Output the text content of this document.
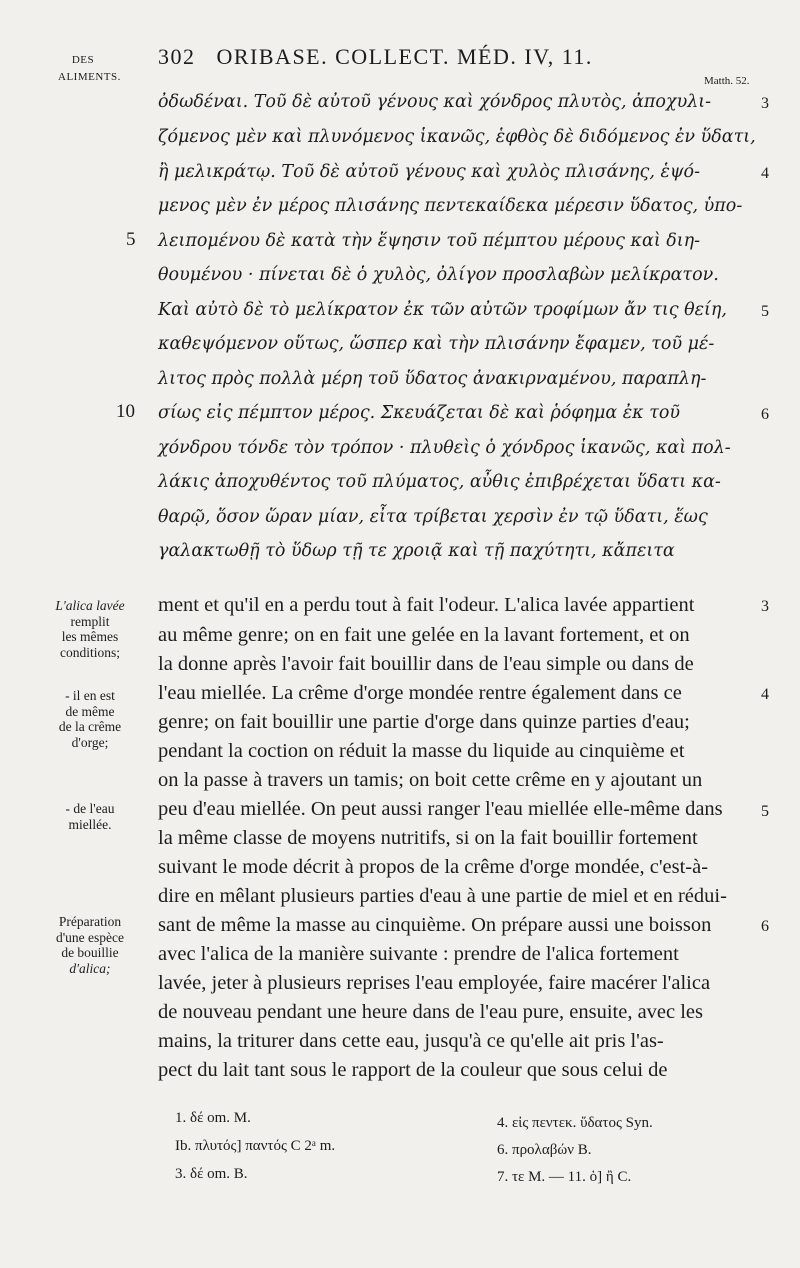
DES
ALIMENTS.
302   ORIBASE. COLLECT. MÉD. IV, 11.
Matth. 52.
ὀδωδέναι. Τοῦ δὲ αὐτοῦ γένους καὶ χόνδρος πλυτὸς, ἀποχυλι-
ζόμενος μὲν καὶ πλυνόμενος ἱκανῶς, ἑφθὸς δὲ διδόμενος ἐν ὕδατι,
ἢ μελικράτῳ. Τοῦ δὲ αὐτοῦ γένους καὶ χυλὸς πλισάνης, ἑψό-
μενος μὲν ἐν μέρος πλισάνης πεντεκαίδεκα μέρεσιν ὕδατος, ὑπο-
λειπομένου δὲ κατὰ τὴν ἕψησιν τοῦ πέμπτου μέρους καὶ διη-
θουμένου · πίνεται δὲ ὁ χυλὸς, ὀλίγον προσλαβὼν μελίκρατον.
Καὶ αὐτὸ δὲ τὸ μελίκρατον ἐκ τῶν αὐτῶν τροφίμων ἄν τις θείη,
καθεψόμενον οὕτως, ὥσπερ καὶ τὴν πλισάνην ἔφαμεν, τοῦ μέ-
λιτος πρὸς πολλὰ μέρη τοῦ ὕδατος ἀνακιρναμένου, παραπλη-
σίως εἰς πέμπτον μέρος. Σκευάζεται δὲ καὶ ῥόφημα ἐκ τοῦ
χόνδρου τόνδε τὸν τρόπον · πλυθεὶς ὁ χόνδρος ἱκανῶς, καὶ πολ-
λάκις ἀποχυθέντος τοῦ πλύματος, αὖθις ἐπιβρέχεται ὕδατι κα-
θαρῷ, ὅσον ὥραν μίαν, εἶτα τρίβεται χερσὶν ἐν τῷ ὕδατι, ἕως
γαλακτωθῇ τὸ ὕδωρ τῇ τε χροιᾷ καὶ τῇ παχύτητι, κἄπειτα
5
10
3
4
5
6
ment et qu'il en a perdu tout à fait l'odeur. L'alica lavée appartient
au même genre; on en fait une gelée en la lavant fortement, et on
la donne après l'avoir fait bouillir dans de l'eau simple ou dans de
l'eau miellée. La crême d'orge mondée rentre également dans ce
genre; on fait bouillir une partie d'orge dans quinze parties d'eau;
pendant la coction on réduit la masse du liquide au cinquième et
on la passe à travers un tamis; on boit cette crême en y ajoutant un
peu d'eau miellée. On peut aussi ranger l'eau miellée elle-même dans
la même classe de moyens nutritifs, si on la fait bouillir fortement
suivant le mode décrit à propos de la crême d'orge mondée, c'est-à-
dire en mêlant plusieurs parties d'eau à une partie de miel et en rédui-
sant de même la masse au cinquième. On prépare aussi une boisson
avec l'alica de la manière suivante : prendre de l'alica fortement
lavée, jeter à plusieurs reprises l'eau employée, faire macérer l'alica
de nouveau pendant une heure dans de l'eau pure, ensuite, avec les
mains, la triturer dans cette eau, jusqu'à ce qu'elle ait pris l'as-
pect du lait tant sous le rapport de la couleur que sous celui de
3
4
5
6
L'alica lavée
remplit
les mêmes
conditions;
- il en est
de même
de la crême
d'orge;
- de l'eau
miellée.
Préparation
d'une espèce
de bouillie
d'alica;
1. δέ om. M.
Ib. πλυτός] παντός C 2ᵃ m.
3. δέ om. B.
4. εἰς πεντεκ. ὕδατος Syn.
6. προλαβών B.
7. τε M. — 11. ὁ] ἢ C.
